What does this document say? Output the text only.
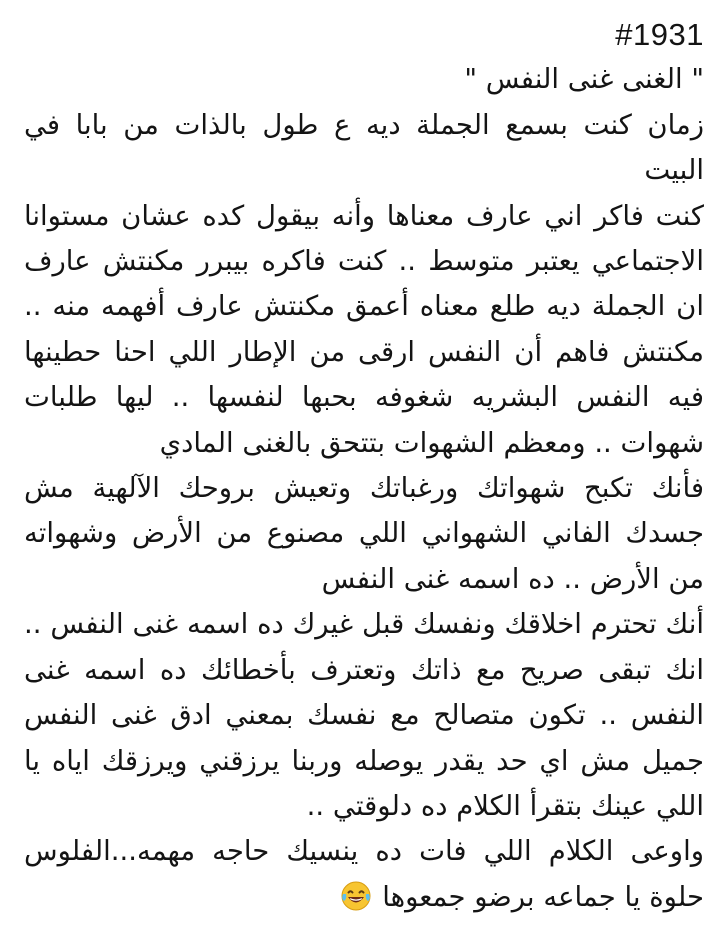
#1931

" الغنى غنى النفس "

زمان كنت بسمع الجملة ديه ع طول بالذات من بابا في البيت

كنت فاكر اني عارف معناها وأنه بيقول كده عشان مستوانا الاجتماعي يعتبر متوسط .. كنت فاكره بيبرر مكنتش عارف ان الجملة ديه طلع معناه أعمق مكنتش عارف أفهمه منه .. مكنتش فاهم أن النفس ارقى من الإطار اللي احنا حطينها فيه النفس البشريه شغوفه بحبها لنفسها .. ليها طلبات شهوات .. ومعظم الشهوات بتتحق بالغنى المادي

فأنك تكبح شهواتك ورغباتك وتعيش بروحك الآلهية مش جسدك الفاني الشهواني اللي مصنوع من الأرض وشهواته من الأرض .. ده اسمه غنى النفس

أنك تحترم اخلاقك ونفسك قبل غيرك ده اسمه غنى النفس .. انك تبقى صريح مع ذاتك وتعترف بأخطائك ده اسمه غنى النفس .. تكون متصالح مع نفسك بمعني ادق غنى النفس جميل مش اي حد يقدر يوصله وربنا يرزقني ويرزقك اياه يا اللي عينك بتقرأ الكلام ده دلوقتي ..

واوعى الكلام اللي فات ده ينسيك حاجه مهمه...الفلوس حلوة يا جماعه برضو جمعوها
